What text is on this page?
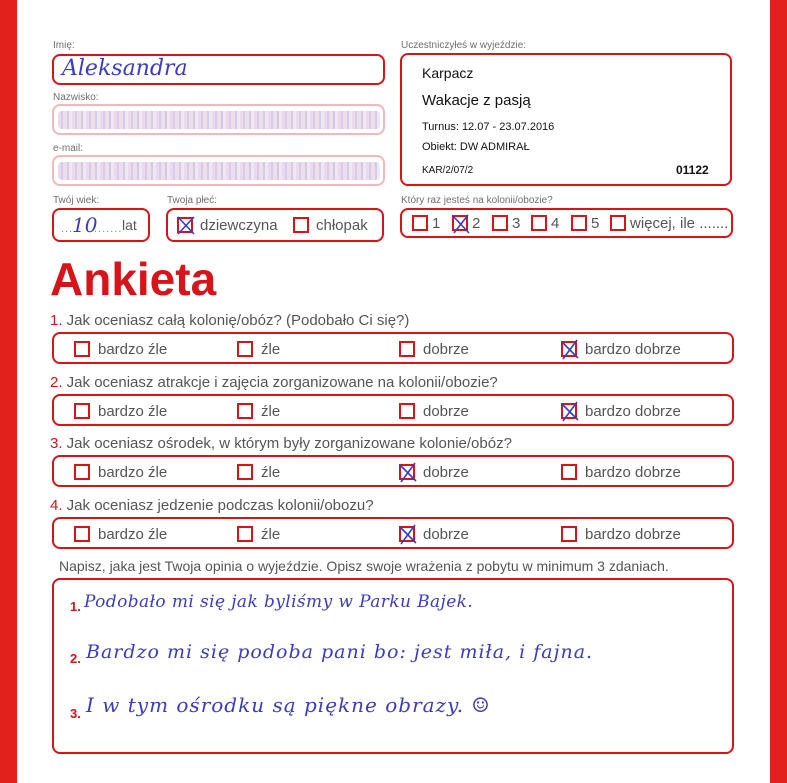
Imię:
Aleksandra
Nazwisko:
e-mail:
Twój wiek:
...
10
....... lat
Twoja płeć:
dziewczyna	chłopak
Uczestniczyłeś w wyjeździe:
Karpacz
Wakacje z pasją
Turnus: 12.07 - 23.07.2016
Obiekt: DW ADMIRAŁ
KAR/2/07/2	01122
Który raz jesteś na kolonii/obozie?
1 2 3 4 5 więcej, ile .......
Ankieta
1. Jak oceniasz całą kolonię/obóz? (Podobało Ci się?)
bardzo źle	źle	dobrze	bardzo dobrze
2. Jak oceniasz atrakcje i zajęcia zorganizowane na kolonii/obozie?
bardzo źle	źle	dobrze	bardzo dobrze
3. Jak oceniasz ośrodek, w którym były zorganizowane kolonie/obóz?
bardzo źle	źle	dobrze	bardzo dobrze
4. Jak oceniasz jedzenie podczas kolonii/obozu?
bardzo źle	źle	dobrze	bardzo dobrze
Napisz, jaka jest Twoja opinia o wyjeździe. Opisz swoje wrażenia z pobytu w minimum 3 zdaniach.
1. Podobało mi się jak byliśmy w Parku Bajek.
2. Bardzo mi się podoba pani bo: jest miła, i fajna.
3. I w tym ośrodku są piękne obrazy. ☺
